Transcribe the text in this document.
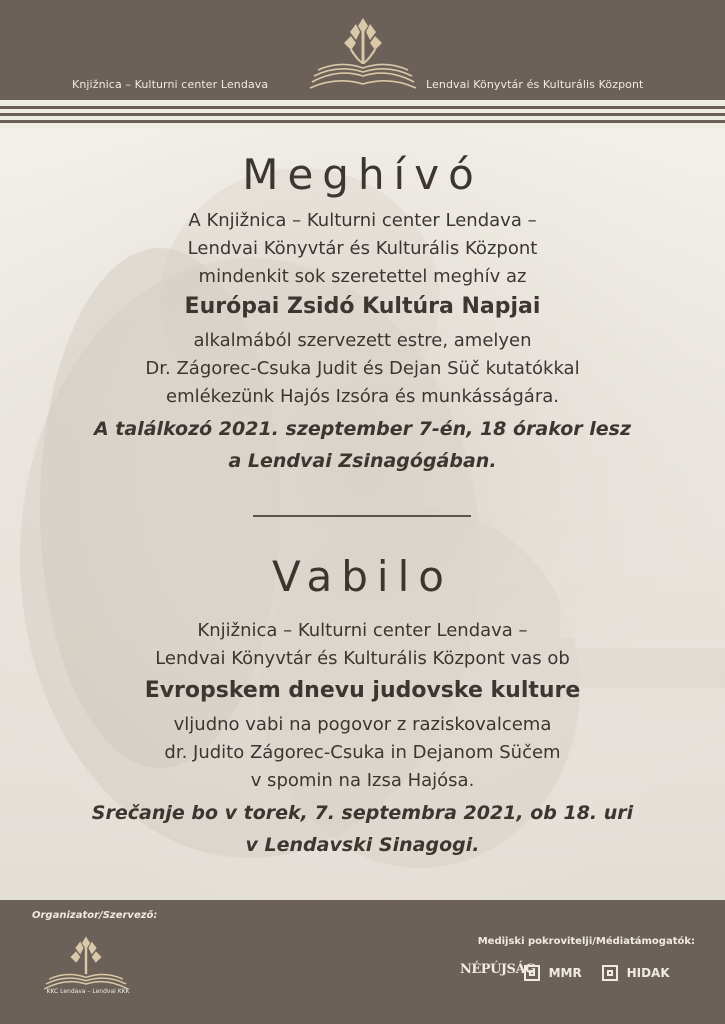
Knjižnica – Kulturni center Lendava	Lendvai Könyvtár és Kulturális Központ
Meghívó
A Knjižnica – Kulturni center Lendava –
Lendvai Könyvtár és Kulturális Központ
mindenkit sok szeretettel meghív az
Európai Zsidó Kultúra Napjai
alkalmából szervezett estre, amelyen
Dr. Zágorec-Csuka Judit és Dejan Süč kutatókkal
emlékezünk Hajós Izsóra és munkásságára.
A találkozó 2021. szeptember 7-én, 18 órakor lesz
a Lendvai Zsinagógában.
Vabilo
Knjižnica – Kulturni center Lendava –
Lendvai Könyvtár és Kulturális Központ vas ob
Evropskem dnevu judovske kulture
vljudno vabi na pogovor z raziskovalcema
dr. Judito Zágorec-Csuka in Dejanom Süčem
v spomin na Izsa Hajósa.
Srečanje bo v torek, 7. septembra 2021, ob 18. uri
v Lendavski Sinagogi.
Organizator/Szervező:
KKC Lendava – Lendvai KKK
Medijski pokrovitelji/Médiatámogatók:
NÉPÚJSÁG	MMR	HIDAK
